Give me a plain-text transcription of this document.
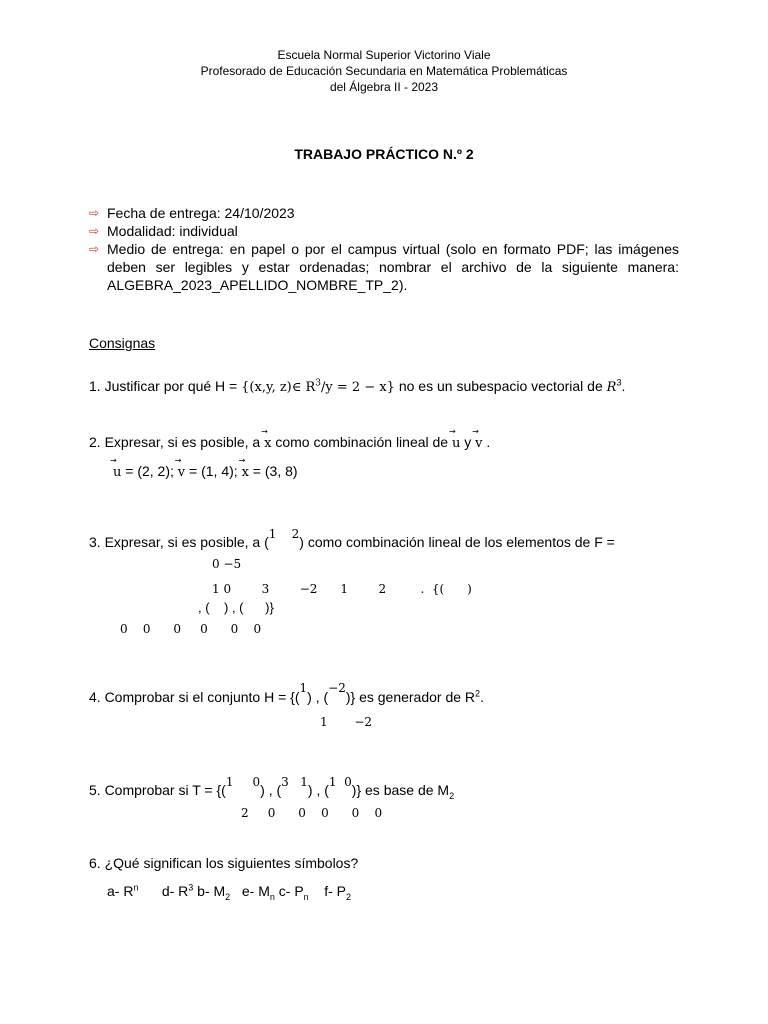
Escuela Normal Superior Victorino Viale
Profesorado de Educación Secundaria en Matemática Problemáticas
del Álgebra II - 2023
TRABAJO PRÁCTICO N.º 2
⇨ Fecha de entrega: 24/10/2023
⇨ Modalidad: individual
⇨ Medio de entrega: en papel o por el campus virtual (solo en formato PDF; las imágenes deben ser legibles y estar ordenadas; nombrar el archivo de la siguiente manera: ALGEBRA_2023_APELLIDO_NOMBRE_TP_2).
Consignas
1. Justificar por qué H = {(x,y, z)∈ $R^3/y = 2 - x$} no es un subespacio vectorial de $R^3$.
2. Expresar, si es posible, a → x como combinación lineal de → u y → v .
→ u = (2, 2); → v = (1, 4); → x = (3, 8)
3. Expresar, si es posible, a (1    2) como combinación lineal de los elementos de F =
0 −5
1 0        3        −2      1        2         .  {(      )
, (    ) , (      )}
0    0      0     0      0    0
4. Comprobar si el conjunto H = {(1) , (−2)} es generador de $R^2$.
1       −2
5. Comprobar si T = {(1     0) , (3   1) , (1  0)} es base de $M_2$
2     0      0    0      0    0
6. ¿Qué significan los siguientes símbolos?
a- $R^n$ d- $R^3$ b- $M_2$ e- $M_n$ c- $P_n$ f- $P_2$
